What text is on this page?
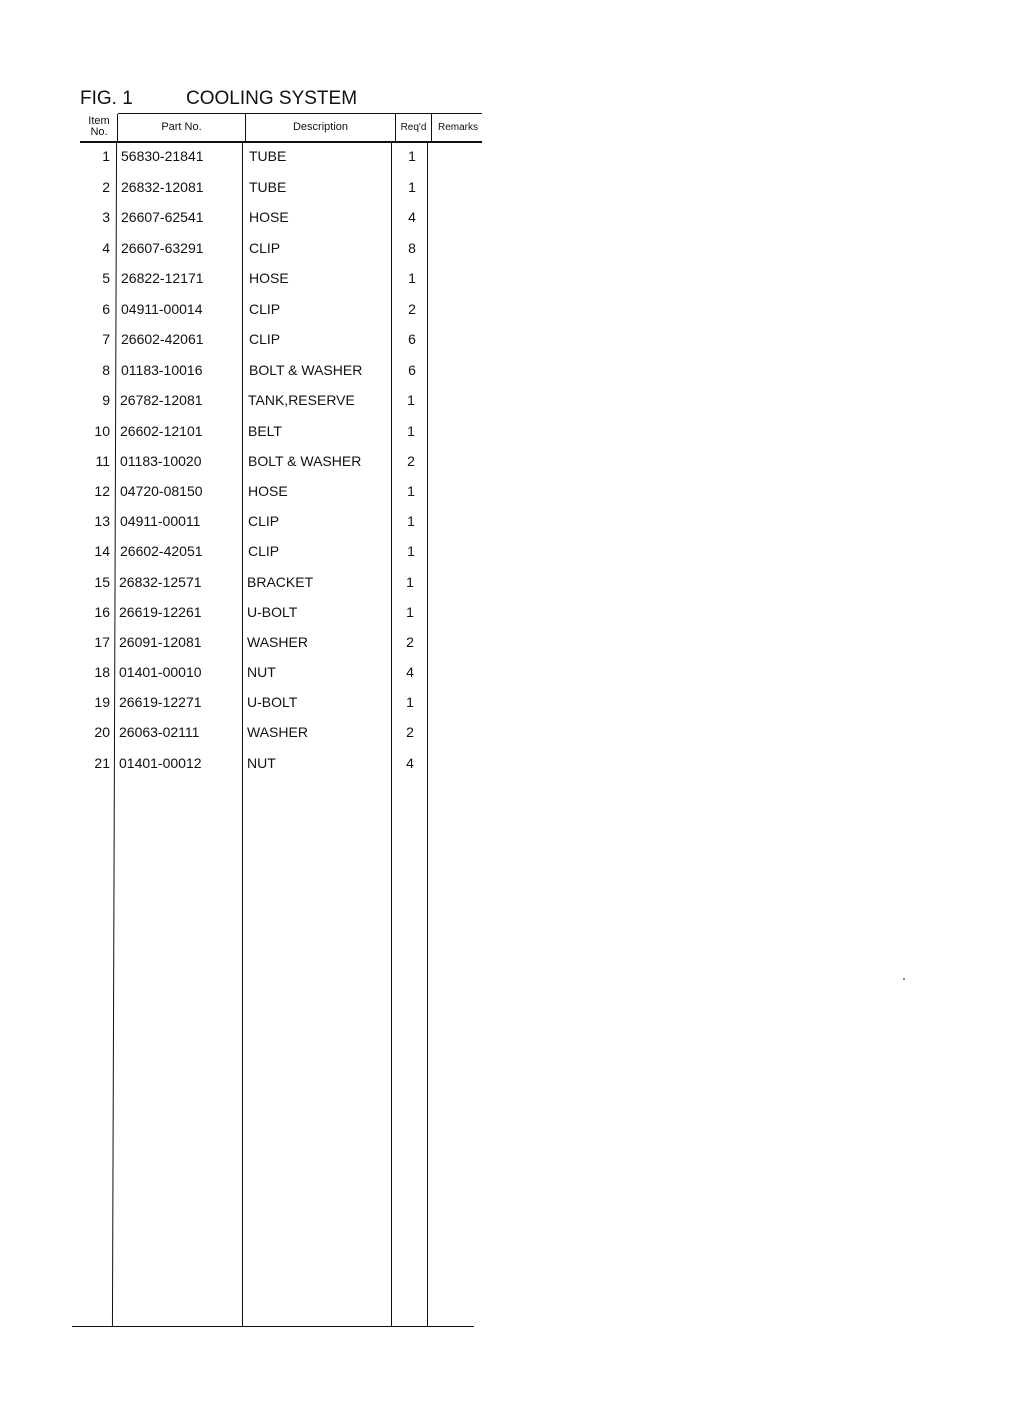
FIG. 1	COOLING SYSTEM
Item
No.	Part No.	Description	Req'd	Remarks
1 56830-21841	TUBE	1
2 26832-12081	TUBE	1
3 26607-62541	HOSE	4
4 26607-63291	CLIP	8
5 26822-12171	HOSE	1
6 04911-00014	CLIP	2
7 26602-42061	CLIP	6
8 01183-10016	BOLT & WASHER	6
9 26782-12081	TANK,RESERVE	1
10 26602-12101	BELT	1
11 01183-10020	BOLT & WASHER	2
12 04720-08150	HOSE	1
13 04911-00011	CLIP	1
14 26602-42051	CLIP	1
15 26832-12571	BRACKET	1
16 26619-12261	U-BOLT	1
17 26091-12081	WASHER	2
18 01401-00010	NUT	4
19 26619-12271	U-BOLT	1
20 26063-02111	WASHER	2
21 01401-00012	NUT	4
